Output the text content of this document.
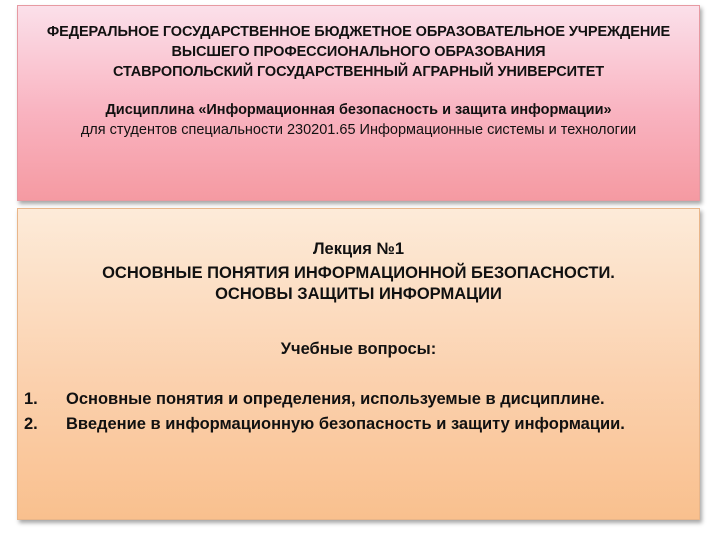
ФЕДЕРАЛЬНОЕ ГОСУДАРСТВЕННОЕ БЮДЖЕТНОЕ ОБРАЗОВАТЕЛЬНОЕ УЧРЕЖДЕНИЕ
ВЫСШЕГО ПРОФЕССИОНАЛЬНОГО ОБРАЗОВАНИЯ
СТАВРОПОЛЬСКИЙ ГОСУДАРСТВЕННЫЙ АГРАРНЫЙ УНИВЕРСИТЕТ
Дисциплина «Информационная безопасность и защита информации»
для студентов специальности 230201.65 Информационные системы и технологии
Лекция №1
ОСНОВНЫЕ ПОНЯТИЯ ИНФОРМАЦИОННОЙ БЕЗОПАСНОСТИ.
ОСНОВЫ ЗАЩИТЫ ИНФОРМАЦИИ
Учебные вопросы:
1. Основные понятия и определения, используемые в дисциплине.
2. Введение в информационную безопасность и защиту информации.
